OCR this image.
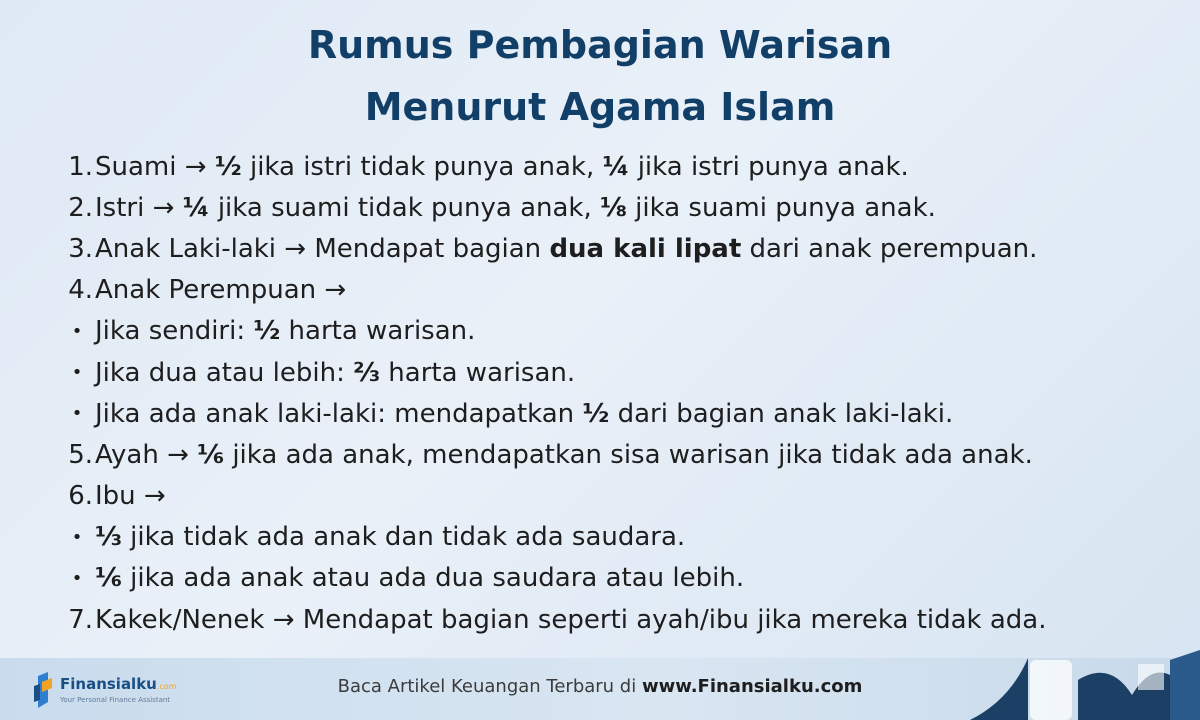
Rumus Pembagian Warisan
Menurut Agama Islam
1. Suami → ½ jika istri tidak punya anak, ¼ jika istri punya anak.
2. Istri → ¼ jika suami tidak punya anak, ⅛ jika suami punya anak.
3. Anak Laki-laki → Mendapat bagian dua kali lipat dari anak perempuan.
4. Anak Perempuan →
• Jika sendiri: ½ harta warisan.
• Jika dua atau lebih: ⅔ harta warisan.
• Jika ada anak laki-laki: mendapatkan ½ dari bagian anak laki-laki.
5. Ayah → ⅙ jika ada anak, mendapatkan sisa warisan jika tidak ada anak.
6. Ibu →
• ⅓ jika tidak ada anak dan tidak ada saudara.
• ⅙ jika ada anak atau ada dua saudara atau lebih.
7. Kakek/Nenek → Mendapat bagian seperti ayah/ibu jika mereka tidak ada.
Baca Artikel Keuangan Terbaru di www.Finansialku.com
Finansialku.com
Your Personal Finance Assistant
